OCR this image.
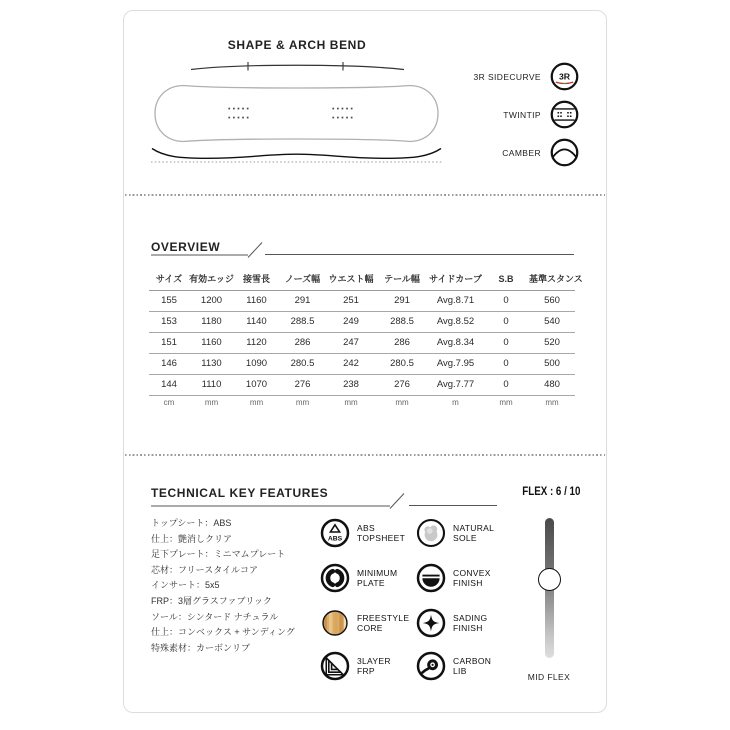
SHAPE & ARCH BEND
3R SIDECURVE 3R
TWINTIP
CAMBER
OVERVIEW
サイズ	有効エッジ	接雪長	ノーズ幅	ウエスト幅	テール幅	サイドカーブ	S.B	基準スタンス
155	1200	1160	291	251	291	Avg.8.71	0	560
153	1180	1140	288.5	249	288.5	Avg.8.52	0	540
151	1160	1120	286	247	286	Avg.8.34	0	520
146	1130	1090	280.5	242	280.5	Avg.7.95	0	500
144	1110	1070	276	238	276	Avg.7.77	0	480
cm	mm	mm	mm	mm	mm	m	mm	mm
TECHNICAL KEY FEATURES	FLEX : 6 / 10
トップシート：ABS
仕上：艶消しクリア
足下プレート：ミニマムプレート
芯材：フリースタイルコア
インサート：5x5
FRP：3層グラスファブリック
ソール：シンタード ナチュラル
仕上：コンベックス + サンディング
特殊素材：カーボンリブ
ABS
ABS
TOPSHEET
NATURAL
SOLE
MINIMUM
PLATE
CONVEX
FINISH
FREESTYLE
CORE
SADING
FINISH
3LAYER
FRP
CARBON
LIB
MID FLEX
